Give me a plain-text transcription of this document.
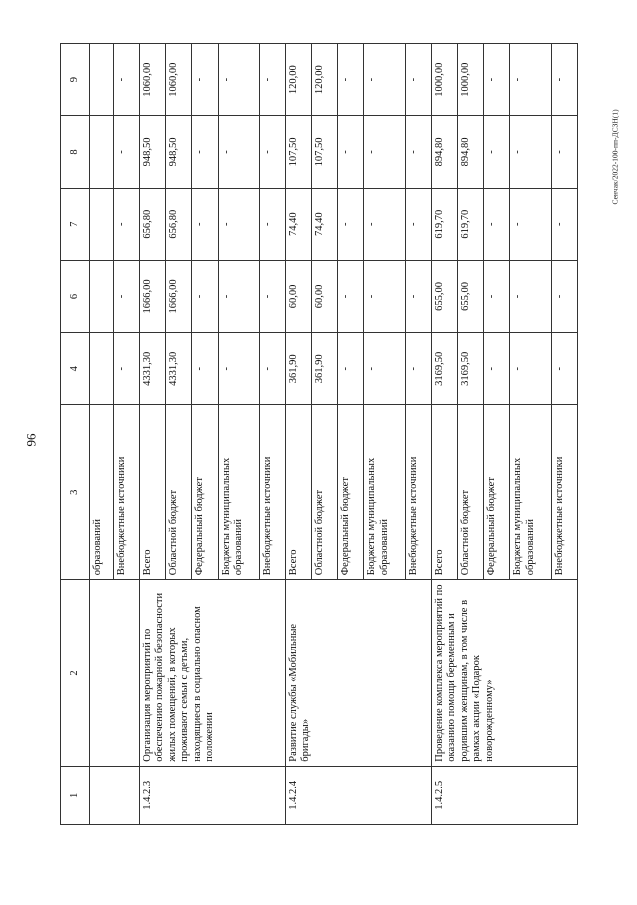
96
Сенчак/2022-100-пп-ДСЗН(1)
1	2	3	4	6	7	8	9
		образований					
		Внебюджетные источники	-	-	-	-	-
1.4.2.3	Организация мероприятий по обеспечению пожарной безопасности жилых помещений, в которых проживают семьи с детьми, находящиеся в социально опасном положении	Всего	4331,30	1666,00	656,80	948,50	1060,00
		Областной бюджет	4331,30	1666,00	656,80	948,50	1060,00
		Федеральный бюджет	-	-	-	-	-
		Бюджеты муниципальных образований	-	-	-	-	-
		Внебюджетные источники	-	-	-	-	-
1.4.2.4	Развитие службы «Мобильные бригады»	Всего	361,90	60,00	74,40	107,50	120,00
		Областной бюджет	361,90	60,00	74,40	107,50	120,00
		Федеральный бюджет	-	-	-	-	-
		Бюджеты муниципальных образований	-	-	-	-	-
		Внебюджетные источники	-	-	-	-	-
1.4.2.5	Проведение комплекса мероприятий по оказанию помощи беременным и родившим женщинам, в том числе в рамках акции «Подарок новорожденному»	Всего	3169,50	655,00	619,70	894,80	1000,00
		Областной бюджет	3169,50	655,00	619,70	894,80	1000,00
		Федеральный бюджет	-	-	-	-	-
		Бюджеты муниципальных образований	-	-	-	-	-
		Внебюджетные источники	-	-	-	-	-
